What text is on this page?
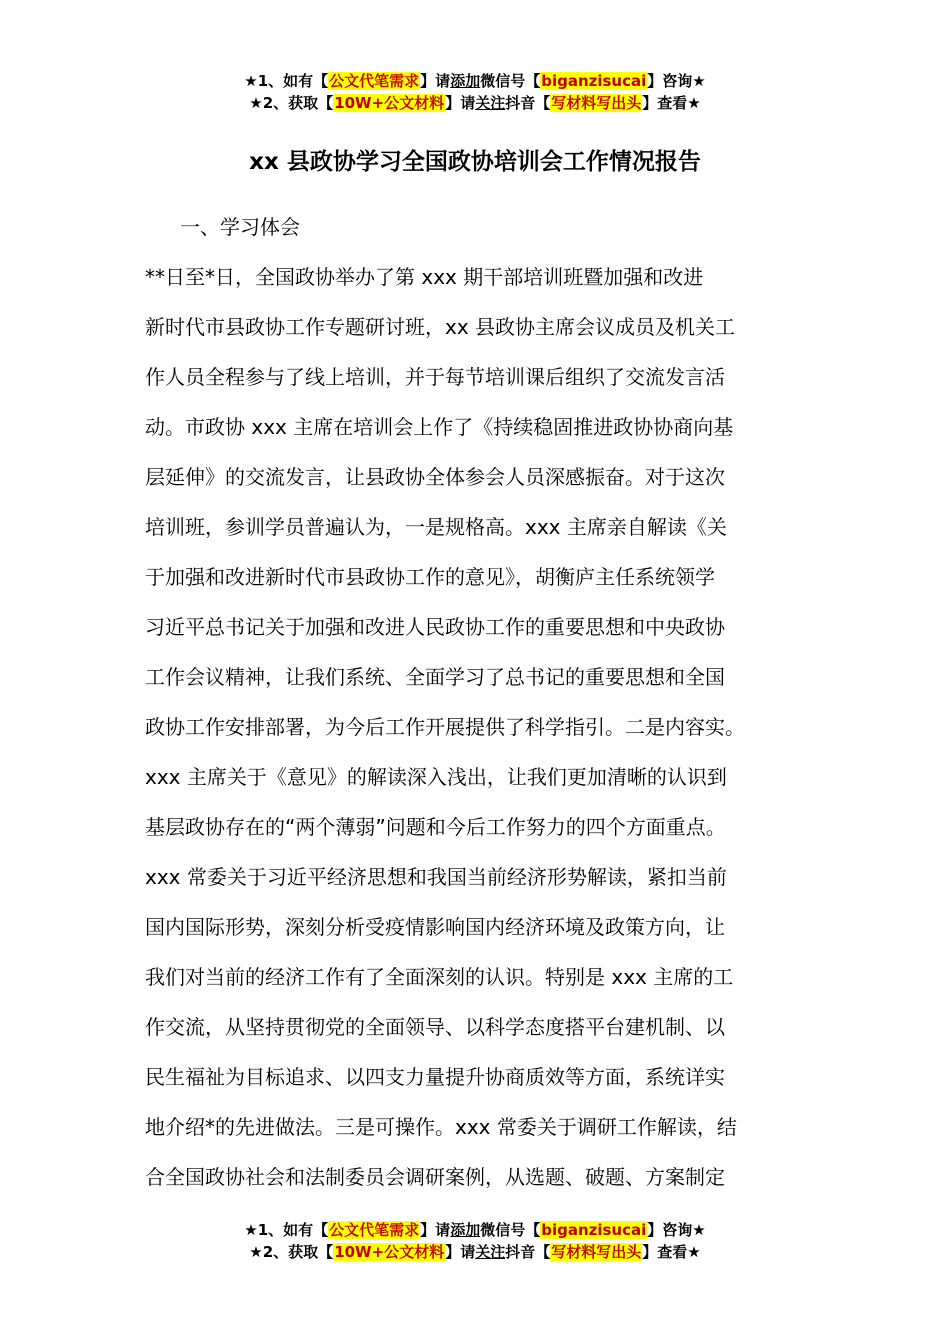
★1、如有【公文代笔需求】请添加微信号【biganzisucai】咨询★
★2、获取【10W+公文材料】请关注抖音【写材料写出头】查看★
xx 县政协学习全国政协培训会工作情况报告
一、学习体会
**日至*日，全国政协举办了第 xxx 期干部培训班暨加强和改进
新时代市县政协工作专题研讨班，xx 县政协主席会议成员及机关工
作人员全程参与了线上培训，并于每节培训课后组织了交流发言活
动。市政协 xxx 主席在培训会上作了《持续稳固推进政协协商向基
层延伸》的交流发言，让县政协全体参会人员深感振奋。对于这次
培训班，参训学员普遍认为，一是规格高。xxx 主席亲自解读《关
于加强和改进新时代市县政协工作的意见》，胡衡庐主任系统领学
习近平总书记关于加强和改进人民政协工作的重要思想和中央政协
工作会议精神，让我们系统、全面学习了总书记的重要思想和全国
政协工作安排部署，为今后工作开展提供了科学指引。二是内容实。
xxx 主席关于《意见》的解读深入浅出，让我们更加清晰的认识到
基层政协存在的“两个薄弱”问题和今后工作努力的四个方面重点。
xxx 常委关于习近平经济思想和我国当前经济形势解读，紧扣当前
国内国际形势，深刻分析受疫情影响国内经济环境及政策方向，让
我们对当前的经济工作有了全面深刻的认识。特别是 xxx 主席的工
作交流，从坚持贯彻党的全面领导、以科学态度搭平台建机制、以
民生福祉为目标追求、以四支力量提升协商质效等方面，系统详实
地介绍*的先进做法。三是可操作。xxx 常委关于调研工作解读，结
合全国政协社会和法制委员会调研案例，从选题、破题、方案制定
★1、如有【公文代笔需求】请添加微信号【biganzisucai】咨询★
★2、获取【10W+公文材料】请关注抖音【写材料写出头】查看★
